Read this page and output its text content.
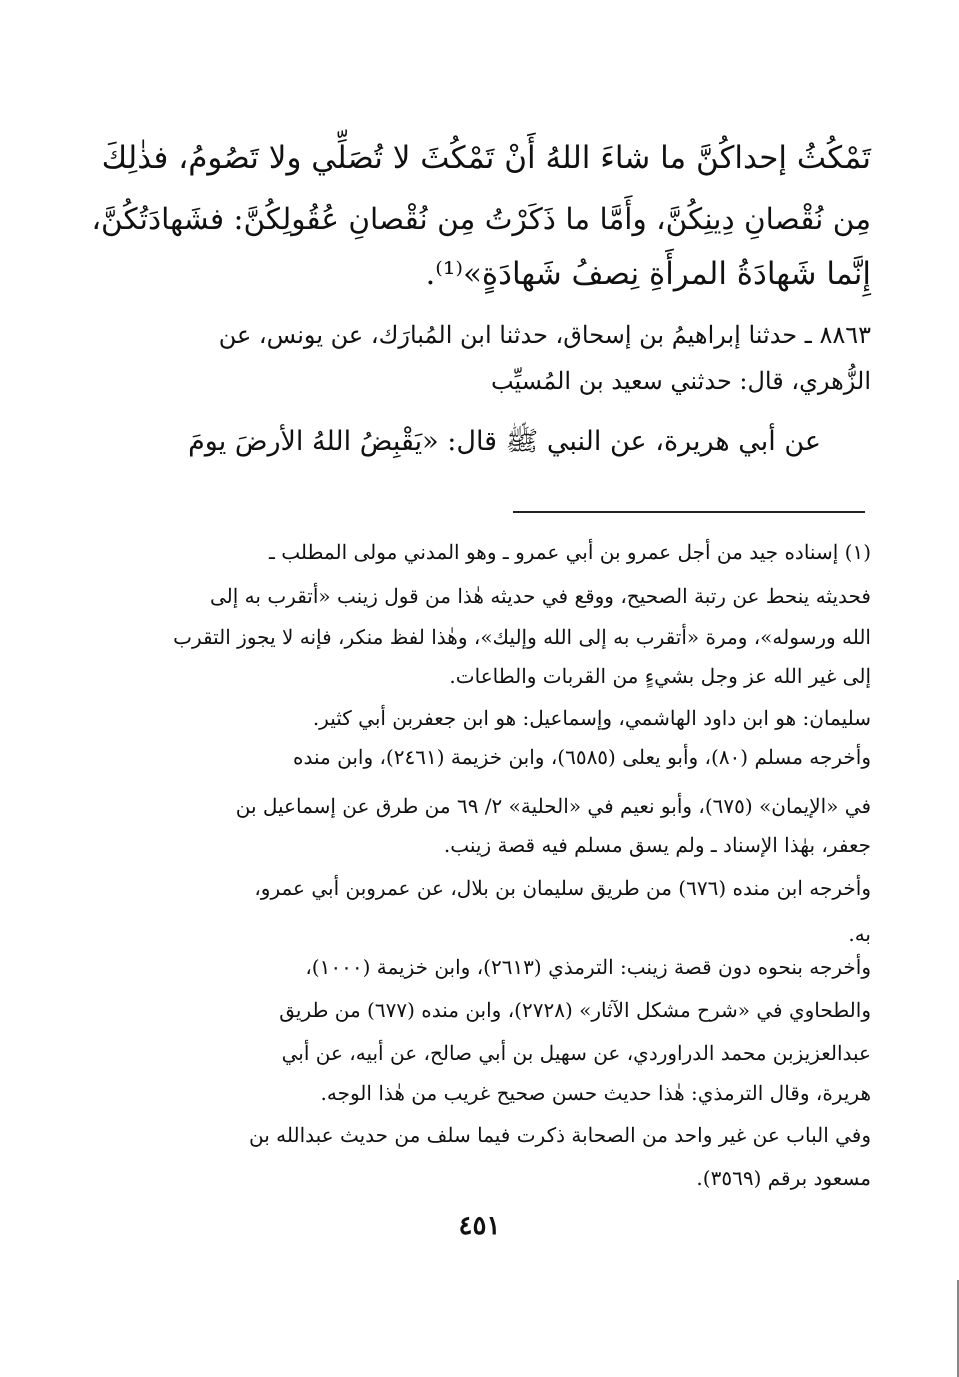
تَمْكُثُ إحداكُنَّ ما شاءَ اللهُ أَنْ تَمْكُثَ لا تُصَلِّي ولا تَصُومُ، فذٰلِكَ
مِن نُقْصانِ دِينِكُنَّ، وأَمَّا ما ذَكَرْتُ مِن نُقْصانِ عُقُولِكُنَّ: فشَهادَتُكُنَّ،
إِنَّما شَهادَةُ المرأَةِ نِصفُ شَهادَةٍ»⁽¹⁾.
٨٨٦٣ ـ حدثنا إبراهيمُ بن إسحاق، حدثنا ابن المُبارَك، عن يونس، عن
الزُّهري، قال: حدثني سعيد بن المُسيِّب
عن أبي هريرة، عن النبي ﷺ قال: «يَقْبِضُ اللهُ الأرضَ يومَ
(١) إسناده جيد من أجل عمرو بن أبي عمرو ـ وهو المدني مولى المطلب ـ
فحديثه ينحط عن رتبة الصحيح، ووقع في حديثه هٰذا من قول زينب «أتقرب به إلى
الله ورسوله»، ومرة «أتقرب به إلى الله وإليك»، وهٰذا لفظ منكر، فإنه لا يجوز التقرب
إلى غير الله عز وجل بشيءٍ من القربات والطاعات.
سليمان: هو ابن داود الهاشمي، وإسماعيل: هو ابن جعفربن أبي كثير.
وأخرجه مسلم (٨٠)، وأبو يعلى (٦٥٨٥)، وابن خزيمة (٢٤٦١)، وابن منده
في «الإيمان» (٦٧٥)، وأبو نعيم في «الحلية» ٢/ ٦٩ من طرق عن إسماعيل بن
جعفر، بهٰذا الإسناد ـ ولم يسق مسلم فيه قصة زينب.
وأخرجه ابن منده (٦٧٦) من طريق سليمان بن بلال، عن عمروبن أبي عمرو،
به.
وأخرجه بنحوه دون قصة زينب: الترمذي (٢٦١٣)، وابن خزيمة (١٠٠٠)،
والطحاوي في «شرح مشكل الآثار» (٢٧٢٨)، وابن منده (٦٧٧) من طريق
عبدالعزيزبن محمد الدراوردي، عن سهيل بن أبي صالح، عن أبيه، عن أبي
هريرة، وقال الترمذي: هٰذا حديث حسن صحيح غريب من هٰذا الوجه.
وفي الباب عن غير واحد من الصحابة ذكرت فيما سلف من حديث عبدالله بن
مسعود برقم (٣٥٦٩).
٤٥١
